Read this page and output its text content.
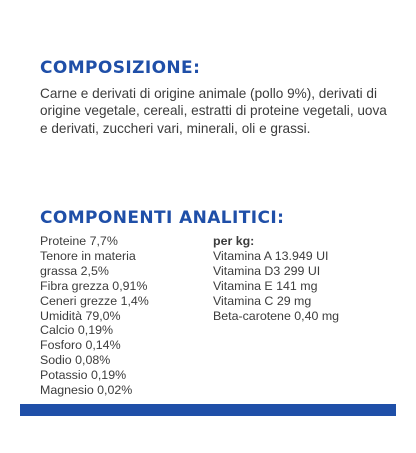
COMPOSIZIONE:

Carne e derivati di origine animale (pollo 9%), derivati di origine vegetale, cereali, estratti di proteine vegetali, uova e derivati, zuccheri vari, minerali, oli e grassi.

COMPONENTI ANALITICI:
Proteine 7,7%
Tenore in materia grassa 2,5%
Fibra grezza 0,91%
Ceneri grezze 1,4%
Umidità 79,0%
Calcio 0,19%
Fosforo 0,14%
Sodio 0,08%
Potassio 0,19%
Magnesio 0,02%
per kg:
Vitamina A 13.949 UI
Vitamina D3 299 UI
Vitamina E 141 mg
Vitamina C 29 mg
Beta-carotene 0,40 mg
